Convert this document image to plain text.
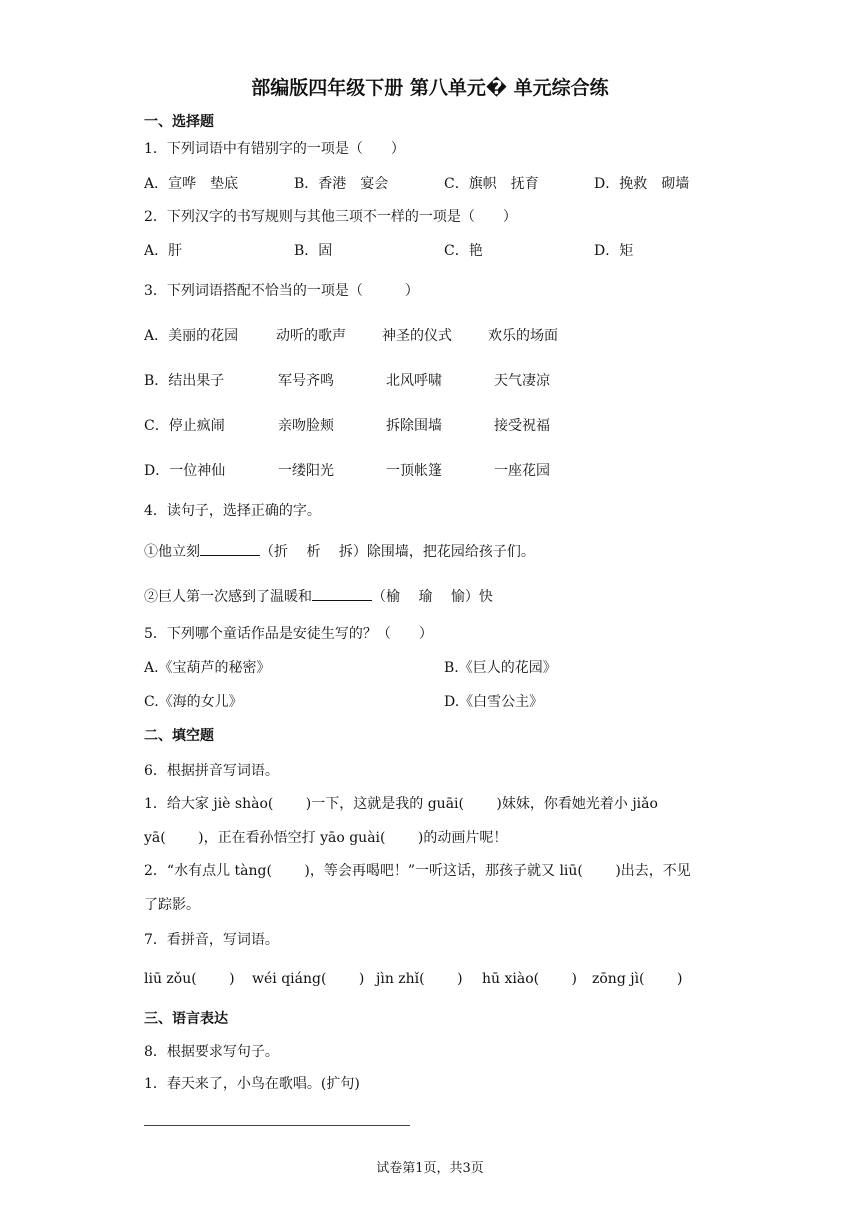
部编版四年级下册 第八单元� 单元综合练
一、选择题
1．下列词语中有错别字的一项是（　　）
A．宣哗　垫底	B．香港　宴会	C．旗帜　抚育	D．挽救　砌墙
2．下列汉字的书写规则与其他三项不一样的一项是（　　）
A．肝	B．固	C．艳	D．矩
3．下列词语搭配不恰当的一项是（　　　）
A．美丽的花园	动听的歌声	神圣的仪式	欢乐的场面
B．结出果子	军号齐鸣	北风呼啸	天气凄凉
C．停止疯闹	亲吻脸颊	拆除围墙	接受祝福
D．一位神仙	一缕阳光	一顶帐篷	一座花园
4．读句子，选择正确的字。
①他立刻	（折　 析　 拆）除围墙，把花园给孩子们。
②巨人第一次感到了温暖和	（榆　 瑜　 愉）快
5．下列哪个童话作品是安徒生写的？（　　）
A.《宝葫芦的秘密》	B.《巨人的花园》
C.《海的女儿》	D.《白雪公主》
二、填空题
6．根据拼音写词语。
1．给大家 jiè shào(　　 )一下，这就是我的 guāi(　　 )妹妹，你看她光着小 jiǎo
yā(　　 )，正在看孙悟空打 yāo guài(　　 )的动画片呢！
2．“水有点儿 tàng(　　 )，等会再喝吧！”一听这话，那孩子就又 liū(　　 )出去，不见
了踪影。
7．看拼音，写词语。
liū zǒu(　　 ) wéi qiáng(　　 ) jìn zhǐ(　　 ) hū xiào(　　 ) zōng jì(　　 )
三、语言表达
8．根据要求写句子。
1．春天来了，小鸟在歌唱。(扩句)
试卷第1页，共3页
